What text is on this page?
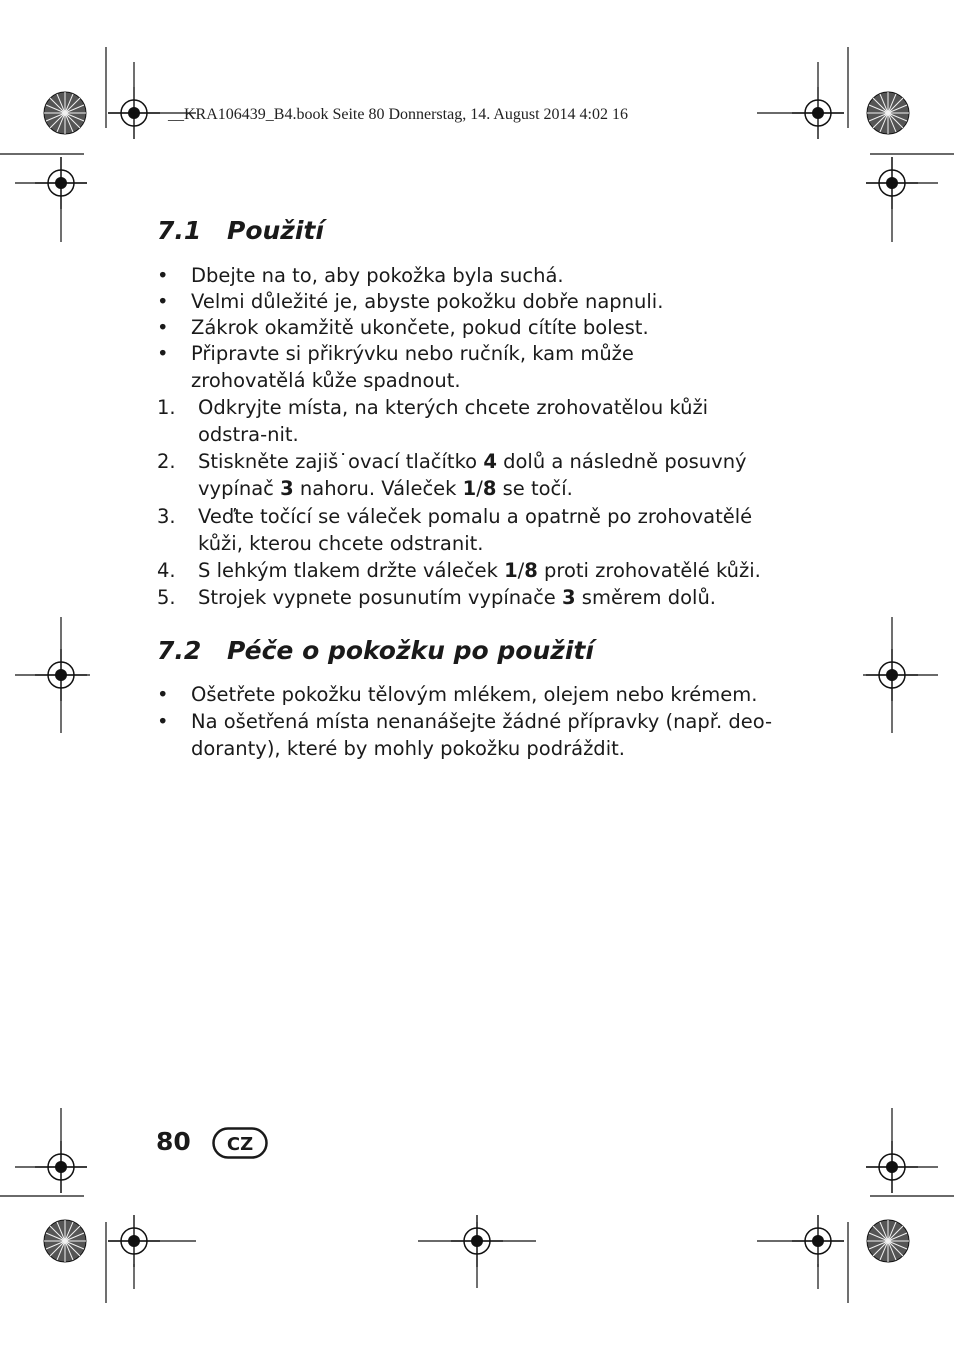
__KRA106439_B4.book Seite 80 Donnerstag, 14. August 2014 4:02 16
7.1 Použití
• Dbejte na to, aby pokožka byla suchá.
• Velmi důležité je, abyste pokožku dobře napnuli.
• Zákrok okamžitě ukončete, pokud cítíte bolest.
• Připravte si přikrývku nebo ručník, kam může zrohovatělá kůže spadnout.
1. Odkryjte místa, na kterých chcete zrohovatělou kůži odstra-nit.
2. Stiskněte zajiš˙ovací tlačítko 4 dolů a následně posuvný vypínač 3 nahoru. Váleček 1/8 se točí.
3. Veďte točící se váleček pomalu a opatrně po zrohovatělé kůži, kterou chcete odstranit.
4. S lehkým tlakem držte váleček 1/8 proti zrohovatělé kůži.
5. Strojek vypnete posunutím vypínače 3 směrem dolů.
7.2 Péče o pokožku po použití
• Ošetřete pokožku tělovým mlékem, olejem nebo krémem.
• Na ošetřená místa nenanášejte žádné přípravky (např. deo-doranty), které by mohly pokožku podráždit.
80 CZ
